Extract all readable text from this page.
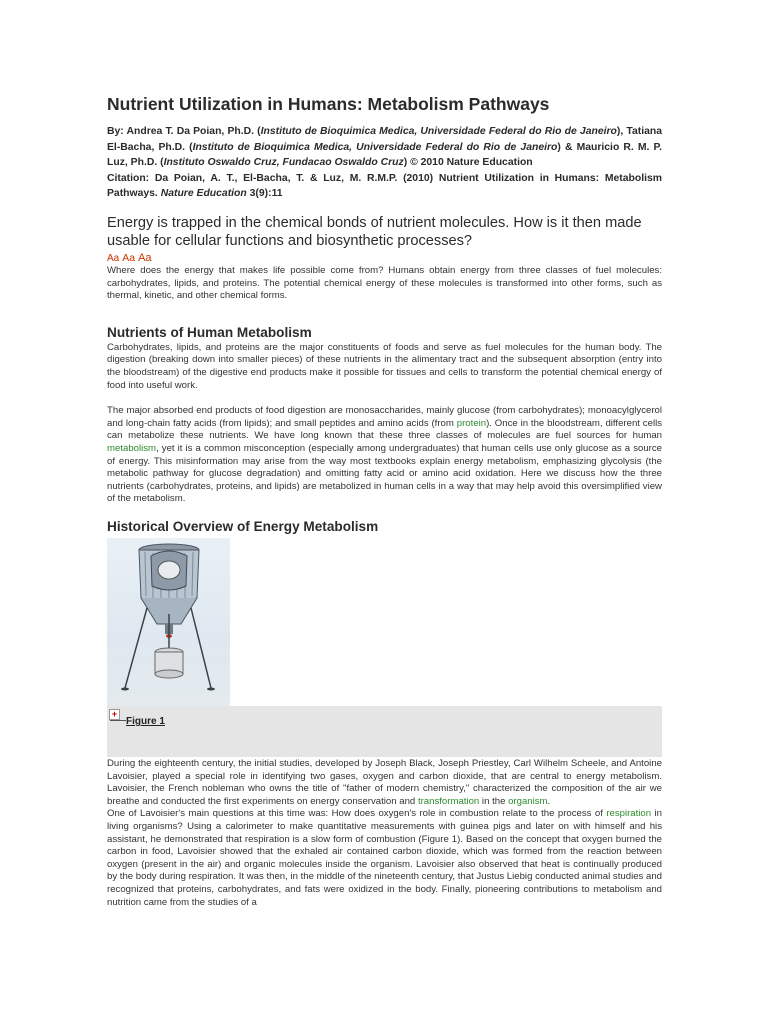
Nutrient Utilization in Humans: Metabolism Pathways

By: Andrea T. Da Poian, Ph.D. (Instituto de Bioquimica Medica, Universidade Federal do Rio de Janeiro), Tatiana El-Bacha, Ph.D. (Instituto de Bioquimica Medica, Universidade Federal do Rio de Janeiro) & Mauricio R. M. P. Luz, Ph.D. (Instituto Oswaldo Cruz, Fundacao Oswaldo Cruz) © 2010 Nature Education

Citation: Da Poian, A. T., El-Bacha, T. & Luz, M. R.M.P. (2010) Nutrient Utilization in Humans: Metabolism Pathways. Nature Education 3(9):11

Energy is trapped in the chemical bonds of nutrient molecules. How is it then made usable for cellular functions and biosynthetic processes?

Aa Aa Aa

Where does the energy that makes life possible come from? Humans obtain energy from three classes of fuel molecules: carbohydrates, lipids, and proteins. The potential chemical energy of these molecules is transformed into other forms, such as thermal, kinetic, and other chemical forms.

Nutrients of Human Metabolism

Carbohydrates, lipids, and proteins are the major constituents of foods and serve as fuel molecules for the human body. The digestion (breaking down into smaller pieces) of these nutrients in the alimentary tract and the subsequent absorption (entry into the bloodstream) of the digestive end products make it possible for tissues and cells to transform the potential chemical energy of food into useful work.

The major absorbed end products of food digestion are monosaccharides, mainly glucose (from carbohydrates); monoacylglycerol and long-chain fatty acids (from lipids); and small peptides and amino acids (from protein). Once in the bloodstream, different cells can metabolize these nutrients. We have long known that these three classes of molecules are fuel sources for human metabolism, yet it is a common misconception (especially among undergraduates) that human cells use only glucose as a source of energy. This misinformation may arise from the way most textbooks explain energy metabolism, emphasizing glycolysis (the metabolic pathway for glucose degradation) and omitting fatty acid or amino acid oxidation. Here we discuss how the three nutrients (carbohydrates, proteins, and lipids) are metabolized in human cells in a way that may help avoid this oversimplified view of the metabolism.

Historical Overview of Energy Metabolism
+
Figure 1

During the eighteenth century, the initial studies, developed by Joseph Black, Joseph Priestley, Carl Wilhelm Scheele, and Antoine Lavoisier, played a special role in identifying two gases, oxygen and carbon dioxide, that are central to energy metabolism. Lavoisier, the French nobleman who owns the title of "father of modern chemistry," characterized the composition of the air we breathe and conducted the first experiments on energy conservation and transformation in the organism.

One of Lavoisier's main questions at this time was: How does oxygen's role in combustion relate to the process of respiration in living organisms? Using a calorimeter to make quantitative measurements with guinea pigs and later on with himself and his assistant, he demonstrated that respiration is a slow form of combustion (Figure 1). Based on the concept that oxygen burned the carbon in food, Lavoisier showed that the exhaled air contained carbon dioxide, which was formed from the reaction between oxygen (present in the air) and organic molecules inside the organism. Lavoisier also observed that heat is continually produced by the body during respiration. It was then, in the middle of the nineteenth century, that Justus Liebig conducted animal studies and recognized that proteins, carbohydrates, and fats were oxidized in the body. Finally, pioneering contributions to metabolism and nutrition came from the studies of a
